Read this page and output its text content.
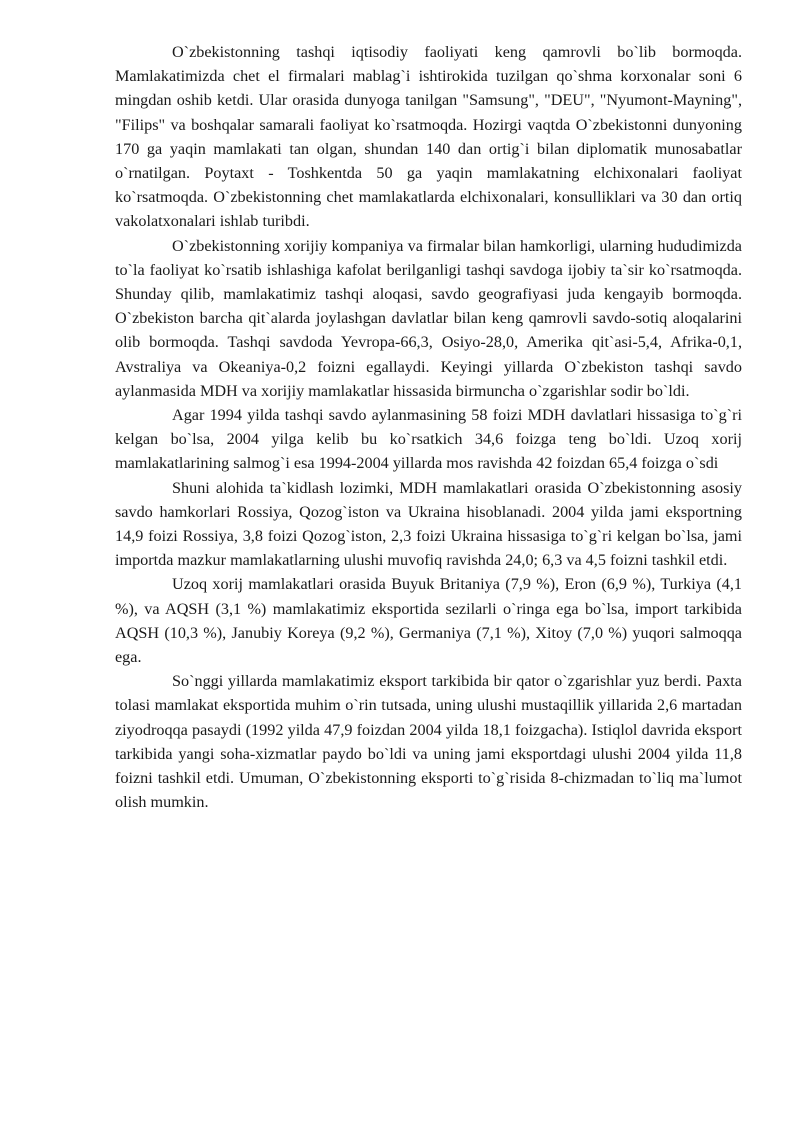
O`zbekistonning tashqi iqtisodiy faoliyati keng qamrovli bo`lib bormoqda. Mamlakatimizda chet el firmalari mablag`i ishtirokida tuzilgan qo`shma korxonalar soni 6 mingdan oshib ketdi. Ular orasida dunyoga tanilgan "Samsung", "DEU", "Nyumont-Mayning", "Filips" va boshqalar samarali faoliyat ko`rsatmoqda. Hozirgi vaqtda O`zbekistonni dunyoning 170 ga yaqin mamlakati tan olgan, shundan 140 dan ortig`i bilan diplomatik munosabatlar o`rnatilgan. Poytaxt - Toshkentda 50 ga yaqin mamlakatning elchixonalari faoliyat ko`rsatmoqda. O`zbekistonning chet mamlakatlarda elchixonalari, konsulliklari va 30 dan ortiq vakolatxonalari ishlab turibdi.

O`zbekistonning xorijiy kompaniya va firmalar bilan hamkorligi, ularning hududimizda to`la faoliyat ko`rsatib ishlashiga kafolat berilganligi tashqi savdoga ijobiy ta`sir ko`rsatmoqda. Shunday qilib, mamlakatimiz tashqi aloqasi, savdo geografiyasi juda kengayib bormoqda. O`zbekiston barcha qit`alarda joylashgan davlatlar bilan keng qamrovli savdo-sotiq aloqalarini olib bormoqda. Tashqi savdoda Yevropa-66,3, Osiyo-28,0, Amerika qit`asi-5,4, Afrika-0,1, Avstraliya va Okeaniya-0,2 foizni egallaydi. Keyingi yillarda O`zbekiston tashqi savdo aylanmasida MDH va xorijiy mamlakatlar hissasida birmuncha o`zgarishlar sodir bo`ldi.

Agar 1994 yilda tashqi savdo aylanmasining 58 foizi MDH davlatlari hissasiga to`g`ri kelgan bo`lsa, 2004 yilga kelib bu ko`rsatkich 34,6 foizga teng bo`ldi. Uzoq xorij mamlakatlarining salmog`i esa 1994-2004 yillarda mos ravishda 42 foizdan 65,4 foizga o`sdi

Shuni alohida ta`kidlash lozimki, MDH mamlakatlari orasida O`zbekistonning asosiy savdo hamkorlari Rossiya, Qozog`iston va Ukraina hisoblanadi. 2004 yilda jami eksportning 14,9 foizi Rossiya, 3,8 foizi Qozog`iston, 2,3 foizi Ukraina hissasiga to`g`ri kelgan bo`lsa, jami importda mazkur mamlakatlarning ulushi muvofiq ravishda 24,0; 6,3 va 4,5 foizni tashkil etdi.

Uzoq xorij mamlakatlari orasida Buyuk Britaniya (7,9 %), Eron (6,9 %), Turkiya (4,1 %), va AQSH (3,1 %) mamlakatimiz eksportida sezilarli o`ringa ega bo`lsa, import tarkibida AQSH (10,3 %), Janubiy Koreya (9,2 %), Germaniya (7,1 %), Xitoy (7,0 %) yuqori salmoqqa ega.

So`nggi yillarda mamlakatimiz eksport tarkibida bir qator o`zgarishlar yuz berdi. Paxta tolasi mamlakat eksportida muhim o`rin tutsada, uning ulushi mustaqillik yillarida 2,6 martadan ziyodroqqa pasaydi (1992 yilda 47,9 foizdan 2004 yilda 18,1 foizgacha). Istiqlol davrida eksport tarkibida yangi soha-xizmatlar paydo bo`ldi va uning jami eksportdagi ulushi 2004 yilda 11,8 foizni tashkil etdi. Umuman, O`zbekistonning eksporti to`g`risida 8-chizmadan to`liq ma`lumot olish mumkin.
